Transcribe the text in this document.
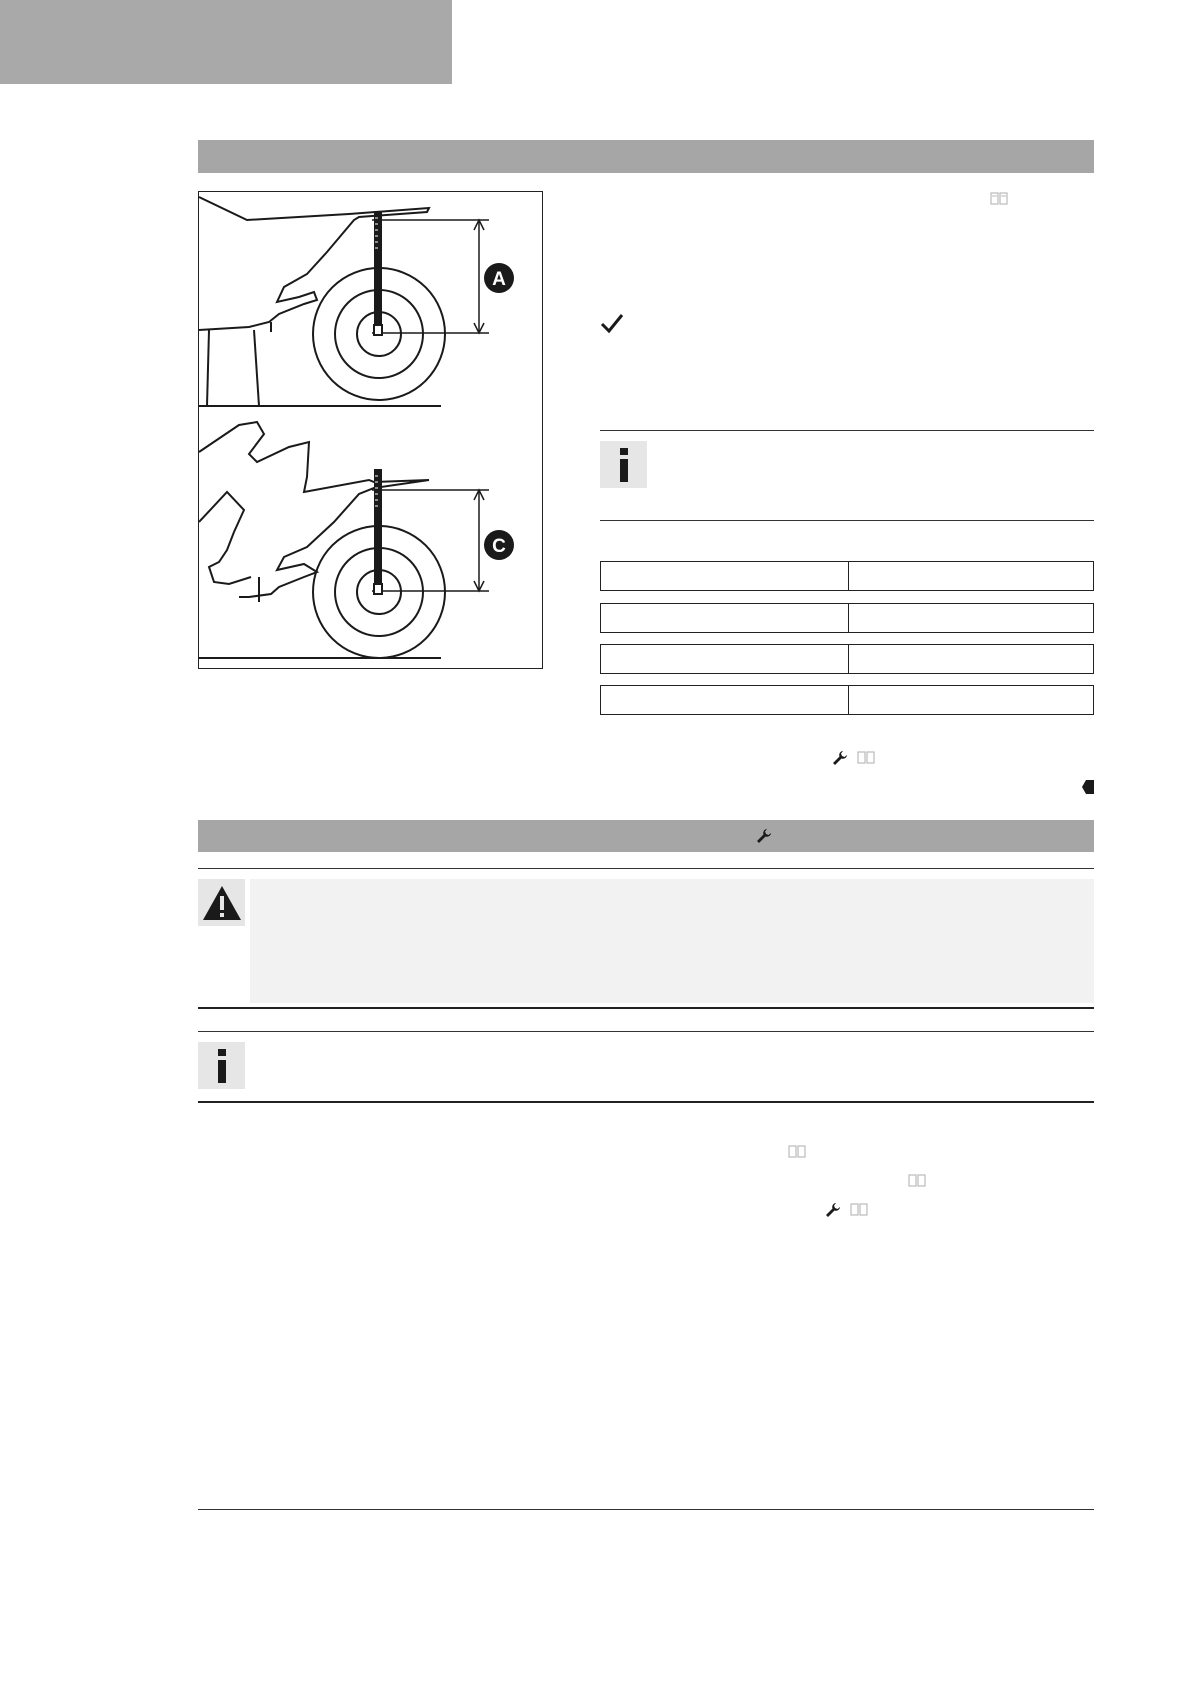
A
C
